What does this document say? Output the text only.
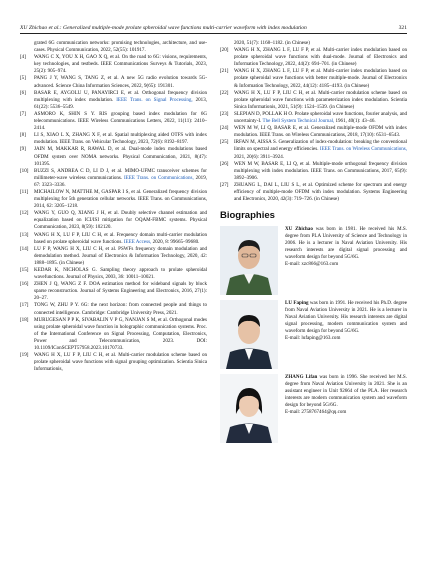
XU Zhichao et al.: Generalized multiple-mode prolate spheroidal wave functions multi-carrier waveform with index modulation	321
grated 6G communication networks: promising technologies, architecture, and use-cases. Physical Communication, 2022, 52(55): 101917.
[4]	WANG C X, YOU X H, GAO X Q, et al. On the road to 6G: visions, requirements, key technologies, and testbeds. IEEE Communications Surveys & Tutorials, 2023, 25(2): 905–974.
[5]	PANG J Y, WANG S, TANG Z, et al. A new 5G radio evolution towards 5G-advanced. Science China Information Sciences, 2022, 9(65): 191301.
[6]	BASAR E, AYGOLU U, PANAYIRCI E, et al. Orthogonal frequency division multiplexing with index modulation. IEEE Trans. on Signal Processing, 2013, 61(22): 5536–5549.
[7]	ASMORO K, SHIN S Y. RIS grouping based index modulation for 6G telecommunications. IEEE Wireless Communications Letters, 2022, 11(11): 2410–2414.
[8]	LI S, XIAO L X, ZHANG X F, et al. Spatial multiplexing aided OTFS with index modulation. IEEE Trans. on Vehicular Technology, 2023, 72(6): 8192–8197.
[9]	JAIN M, MAKKAR R, RAWAL D, et al. Dual-mode index modulations based OFDM system over NOMA networks. Physical Communication, 2021, 8(47): 101395.
[10]	BUZZI S, ANDREA C D, LI D J, et al. MIMO-UFMC transceiver schemes for millimeter-wave wireless communications. IEEE Trans. on Communications, 2019, 67: 3323–3336.
[11]	MICHAILOW N, MATTHE M, GASPAR I S, et al. Generalized frequency division multiplexing for 5th generation cellular networks. IEEE Trans. on Communications, 2014, 62: 3205–1218.
[12]	WANG Y, GUO Q, XIANG J H, et al. Doubly selective channel estimation and equalization based on ICI/ISI mitigation for OQAM-FBMC systems. Physical Communication, 2023, 8(59): 102120.
[13]	WANG H X, LU F P, LIU C H, et al. Frequency domain multi-carrier modulation based on prolate spheroidal wave functions. IEEE Access, 2020, 8: 99665–99680.
[14]	LU F P, WANG H X, LIU C H, et al. PSWFs frequency domain modulation and demodulation method. Journal of Electronics & Information Technology, 2020, 42: 1888–1895. (in Chinese)
[15]	KEDAR K, NICHOLAS G. Sampling theory approach to prolate spheroidal wavefunctions. Journal of Physics, 2003, 36: 10011–10021.
[16]	ZHEN J Q, WANG Z F. DOA estimation method for wideband signals by block sparse reconstruction. Journal of Systems Engineering and Electronics, 2016, 27(1): 20–27.
[17]	TONG W, ZHU P Y. 6G: the next horizon: from connected people and things to connected intelligence. Cambridge: Cambridge University Press, 2021.
[18]	MURUGESAN P P K, SIVABALIN V P G, NANJAN S M, et al. Orthogonal modes using prolate spheroidal wave function in holographic communication systems. Proc. of the International Conference on Signal Processing, Computation, Electronics, Power and Telecommunication, 2023. DOI: 10.1109/IConSCEPT57958.2023.10170733.
[19]	WANG H X, LU F P, LIU C H, et al. Multi-carrier modulation scheme based on prolate spheroidal wave functions with signal grouping optimization. Scientia Sinica Informationis,
2020, 51(7): 1168–1182. (in Chinese)
[20]	WANG H X, ZHANG L F, LU F P, et al. Multi-carrier index modulation based on prolate spheroidal wave functions with dual-mode. Journal of Electronics and Information Technology, 2022, 44(2): 694–701. (in Chinese)
[21]	WANG H X, ZHANG L F, LU F P, et al. Multi-carrier index modulation based on prolate spheroidal wave functions with better multiple-mode. Journal of Electronics & Information Technology, 2022, 44(12): 4185–4193. (in Chinese)
[22]	WANG H X, LU F P, LIU C H, et al. Multi-carrier modulation scheme based on prolate spheroidal wave functions with parameterization index modulation. Scientia Sinica Informationis, 2021, 51(9): 1524–1539. (in Chinese)
[23]	SLEPIAN D, POLLAK H O. Prolate spheroidal wave functions, fourier analysis, and uncertainty-I. The Bell System Technical Journal, 1961, 40(1): 43–46.
[24]	WEN M W, LI Q, BASAR E, et al. Generalized multiple-mode OFDM with index modulation. IEEE Trans. on Wireless Communications, 2018, 17(10): 6531–6543.
[25]	IRFAN M, AISSA S. Generalization of index-modulation: breaking the conventional limits on spectral and energy efficiencies. IEEE Trans. on Wireless Communications, 2021, 20(6): 3911–3924.
[26]	WEN M W, BASAR E, LI Q, et al. Multiple-mode orthogonal frequency division multiplexing with index modulation. IEEE Trans. on Communications, 2017, 65(9): 3892–3906.
[27]	ZHUANG L, DAI L, LIU S L, et al. Optimized scheme for spectrum and energy efficiency of multiple-mode OFDM with index modulation. Systems Engineering and Electronics, 2020, 42(3): 719–726. (in Chinese)
Biographies
XU Zhichao was born in 1981. He received his M.S. degree from PLA University of Science and Technology in 2006. He is a lecturer in Naval Aviation University. His research interests are digital signal processing and waveform design for beyond 5G/6G.
E-mail: xzc866@163.com
LU Faping was born in 1991. He received his Ph.D. degree from Naval Aviation University in 2021. He is a lecturer in Naval Aviation University. His research interests are digital signal processing, modern communication system and waveform design for beyond 5G/6G.
E-mail: lufaping@163.com
ZHANG Lifan was born in 1996. She received her M.S. degree from Naval Aviation University in 2021. She is an assistant engineer in Unit 92664 of the PLA. Her research interests are modern communication system and waveform design for beyond 5G/6G.
E-mail: 2758767464@qq.com
